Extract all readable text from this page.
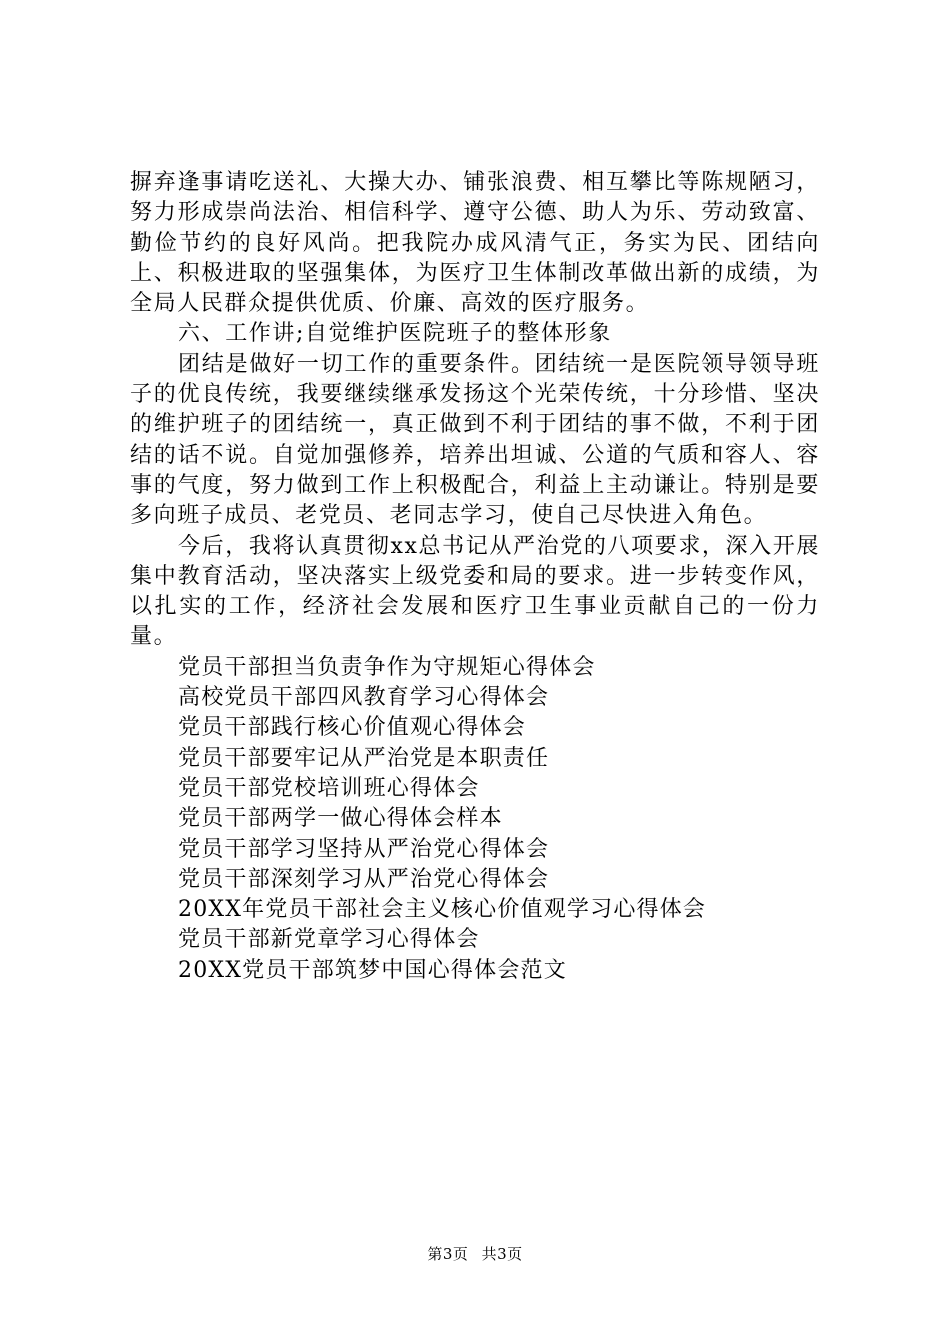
摒弃逢事请吃送礼、大操大办、铺张浪费、相互攀比等陈规陋习，努力形成崇尚法治、相信科学、遵守公德、助人为乐、劳动致富、勤俭节约的良好风尚。把我院办成风清气正，务实为民、团结向上、积极进取的坚强集体，为医疗卫生体制改革做出新的成绩，为全局人民群众提供优质、价廉、高效的医疗服务。

六、工作讲;自觉维护医院班子的整体形象

团结是做好一切工作的重要条件。团结统一是医院领导领导班子的优良传统，我要继续继承发扬这个光荣传统，十分珍惜、坚决的维护班子的团结统一，真正做到不利于团结的事不做，不利于团结的话不说。自觉加强修养，培养出坦诚、公道的气质和容人、容事的气度，努力做到工作上积极配合，利益上主动谦让。特别是要多向班子成员、老党员、老同志学习，使自己尽快进入角色。

今后，我将认真贯彻xx总书记从严治党的八项要求，深入开展集中教育活动，坚决落实上级党委和局的要求。进一步转变作风，以扎实的工作，经济社会发展和医疗卫生事业贡献自己的一份力量。

党员干部担当负责争作为守规矩心得体会
高校党员干部四风教育学习心得体会
党员干部践行核心价值观心得体会
党员干部要牢记从严治党是本职责任
党员干部党校培训班心得体会
党员干部两学一做心得体会样本
党员干部学习坚持从严治党心得体会
党员干部深刻学习从严治党心得体会
20XX年党员干部社会主义核心价值观学习心得体会
党员干部新党章学习心得体会
20XX党员干部筑梦中国心得体会范文
第3页 共3页
